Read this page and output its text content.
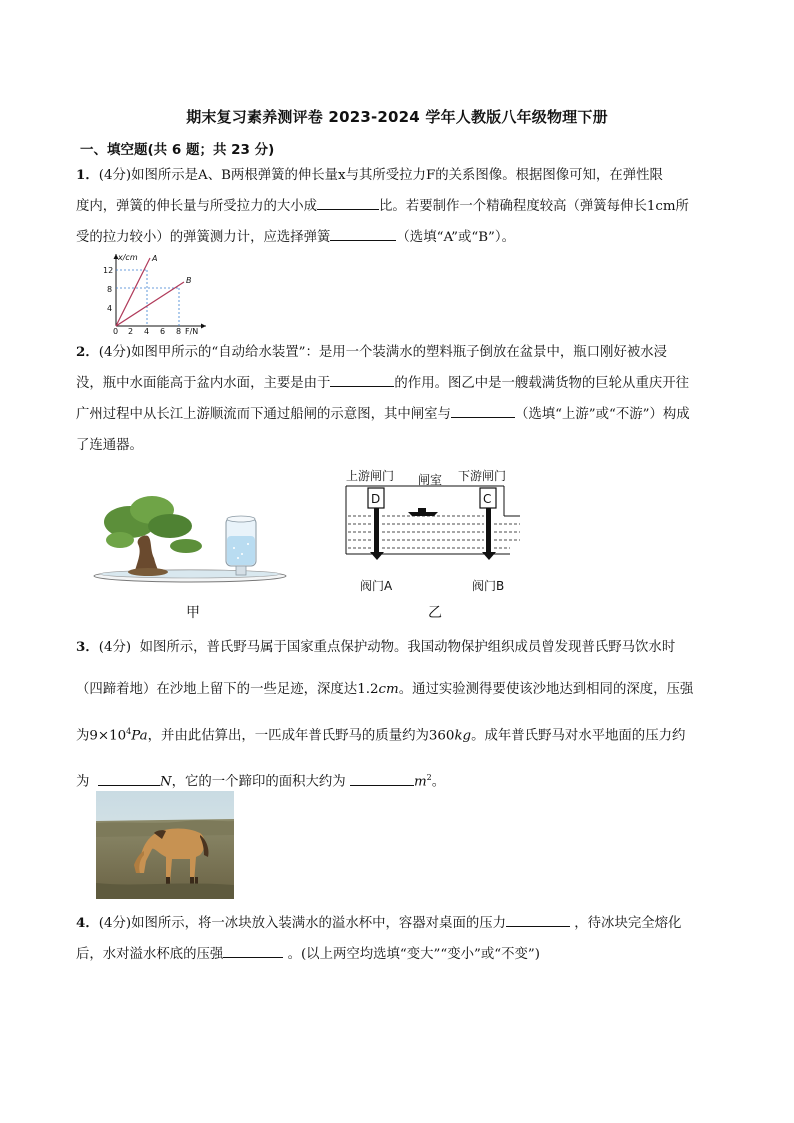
期末复习素养测评卷 2023-2024 学年人教版八年级物理下册
一、填空题(共 6 题；共 23 分)
1．(4分)如图所示是A、B两根弹簧的伸长量x与其所受拉力F的关系图像。根据图像可知，在弹性限
度内，弹簧的伸长量与所受拉力的大小成	比。若要制作一个精确程度较高（弹簧每伸长1cm所
受的拉力较小）的弹簧测力计，应选择弹簧	（选填“A”或“B”）。
x/cm
F/N
12
8
4
0 2 4 6 8
A
B
2．(4分)如图甲所示的“自动给水装置”：是用一个装满水的塑料瓶子倒放在盆景中，瓶口刚好被水浸
没，瓶中水面能高于盆内水面，主要是由于	的作用。图乙中是一艘载满货物的巨轮从重庆开往
广州过程中从长江上游顺流而下通过船闸的示意图，其中闸室与	（选填“上游”或“不游”）构成
了连通器。
甲
上游闸门 闸室 下游闸门
D	C
阀门A	阀门B
乙
3．(4分) 如图所示，普氏野马属于国家重点保护动物。我国动物保护组织成员曾发现普氏野马饮水时
（四蹄着地）在沙地上留下的一些足迹，深度达1.2cm。通过实验测得要使该沙地达到相同的深度，压强
为$9\times 10^4Pa$，并由此估算出，一匹成年普氏野马的质量约为360kg。成年普氏野马对水平地面的压力约
为	N，它的一个蹄印的面积大约为	$m^2$。
4．(4分)如图所示，将一冰块放入装满水的溢水杯中，容器对桌面的压力	，待冰块完全熔化
后，水对溢水杯底的压强	。(以上两空均选填“变大”“变小”或“不变”)
